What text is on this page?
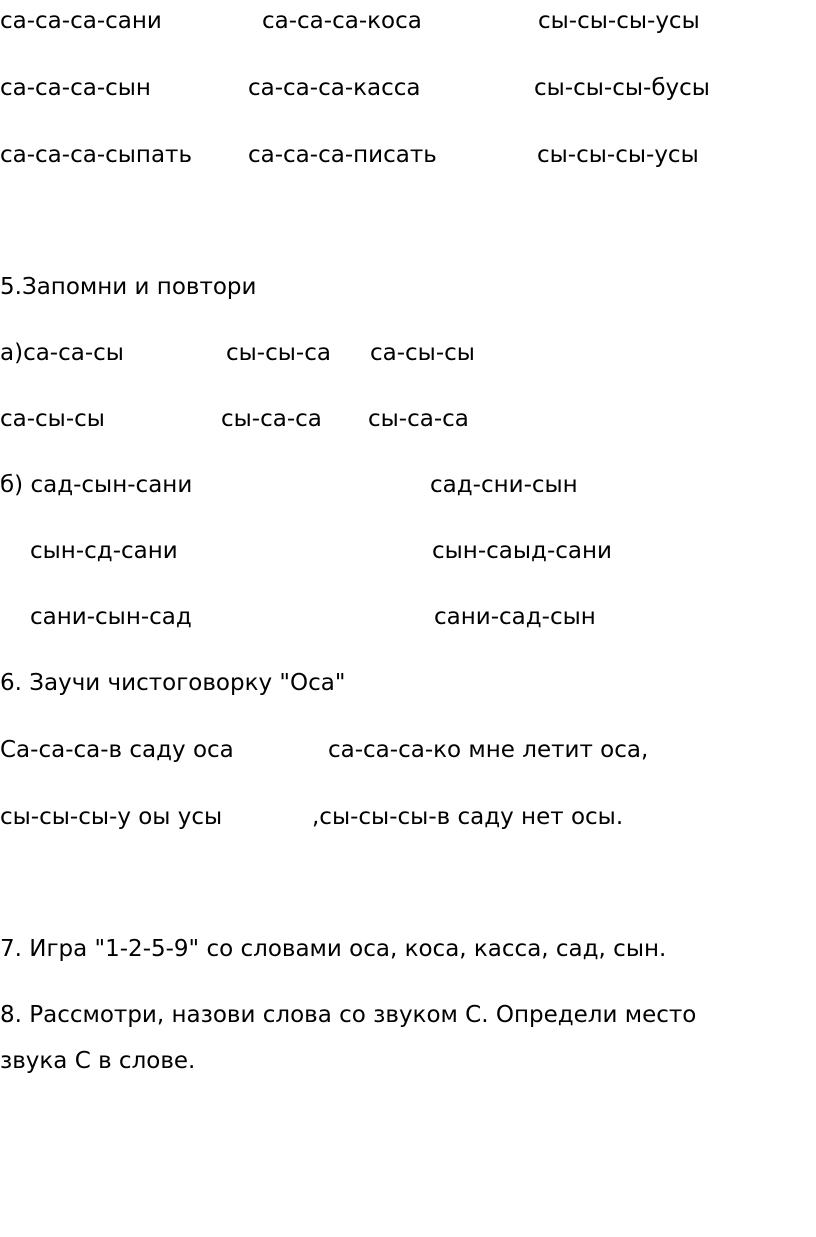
са-са-са-сани	са-са-са-коса	сы-сы-сы-усы

са-са-са-сын	са-са-са-касса	сы-сы-сы-бусы

са-са-са-сыпать са-са-са-писать	сы-сы-сы-усы

5.Запомни и повтори

а)са-са-сы	сы-сы-са са-сы-сы

са-сы-сы	сы-са-са сы-са-са

б) сад-сын-сани	сад-сни-сын

сын-сд-сани	сын-саыд-сани

сани-сын-сад	сани-сад-сын

6. Заучи чистоговорку "Оса"

Са-са-са-в саду оса	са-са-са-ко мне летит оса,

сы-сы-сы-у оы усы	,сы-сы-сы-в саду нет осы.

7. Игра "1-2-5-9" со словами оса, коса, касса, сад, сын.

8. Рассмотри, назови слова со звуком С. Определи место

звука С в слове.
